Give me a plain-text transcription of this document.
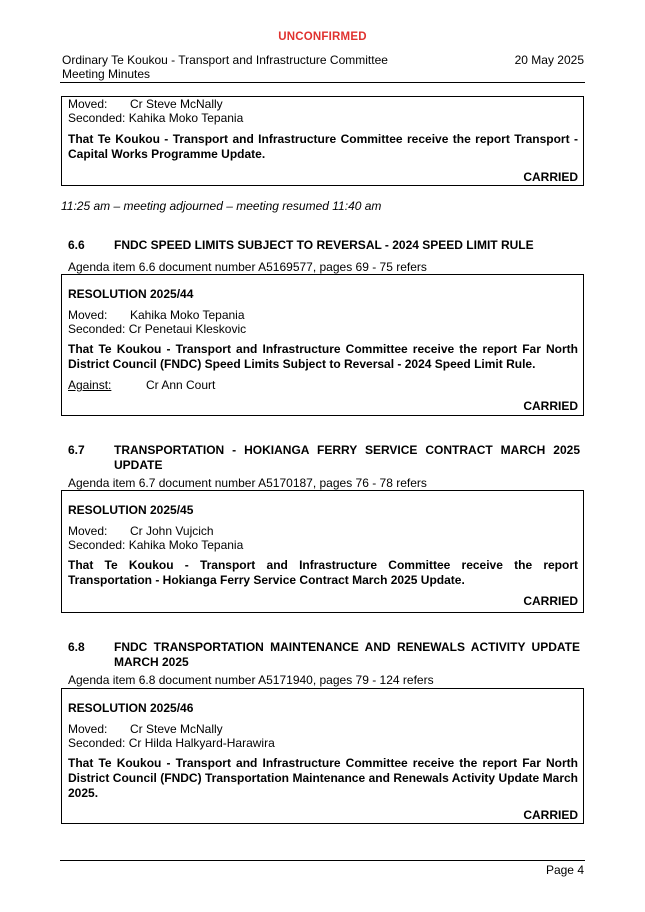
UNCONFIRMED
Ordinary Te Koukou - Transport and Infrastructure Committee
Meeting Minutes
20 May 2025
Moved: Cr Steve McNally
Seconded: Kahika Moko Tepania
That Te Koukou - Transport and Infrastructure Committee receive the report Transport - Capital Works Programme Update.
CARRIED
11:25 am – meeting adjourned – meeting resumed 11:40 am
6.6 FNDC SPEED LIMITS SUBJECT TO REVERSAL - 2024 SPEED LIMIT RULE
Agenda item 6.6 document number A5169577, pages 69 - 75 refers
RESOLUTION 2025/44
Moved: Kahika Moko Tepania
Seconded: Cr Penetaui Kleskovic
That Te Koukou - Transport and Infrastructure Committee receive the report Far North District Council (FNDC) Speed Limits Subject to Reversal - 2024 Speed Limit Rule.
Against:	Cr Ann Court
CARRIED
6.7 TRANSPORTATION - HOKIANGA FERRY SERVICE CONTRACT MARCH 2025 UPDATE
Agenda item 6.7 document number A5170187, pages 76 - 78 refers
RESOLUTION 2025/45
Moved: Cr John Vujcich
Seconded: Kahika Moko Tepania
That Te Koukou - Transport and Infrastructure Committee receive the report Transportation - Hokianga Ferry Service Contract March 2025 Update.
CARRIED
6.8 FNDC TRANSPORTATION MAINTENANCE AND RENEWALS ACTIVITY UPDATE MARCH 2025
Agenda item 6.8 document number A5171940, pages 79 - 124 refers
RESOLUTION 2025/46
Moved: Cr Steve McNally
Seconded: Cr Hilda Halkyard-Harawira
That Te Koukou - Transport and Infrastructure Committee receive the report Far North District Council (FNDC) Transportation Maintenance and Renewals Activity Update March 2025.
CARRIED
Page 4
